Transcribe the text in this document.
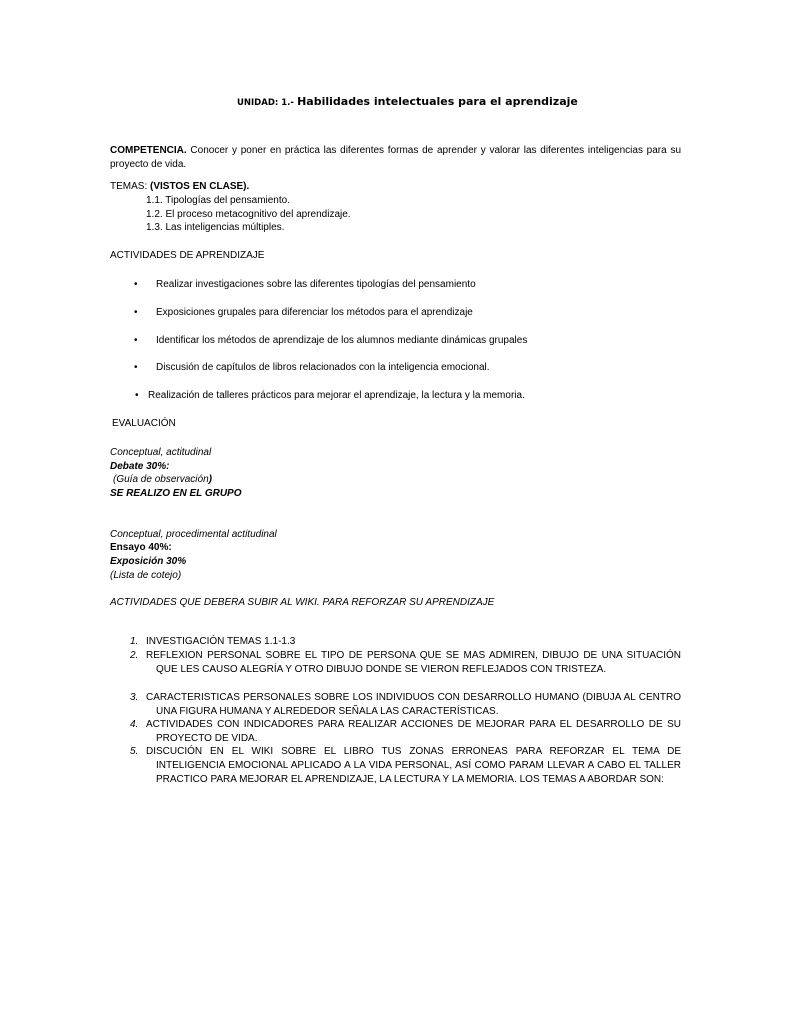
UNIDAD: 1.- Habilidades intelectuales para el aprendizaje
COMPETENCIA. Conocer y poner en práctica las diferentes formas de aprender y valorar las diferentes inteligencias para su proyecto de vida.
TEMAS: (VISTOS EN CLASE).
1.1. Tipologías del pensamiento.
1.2. El proceso metacognitivo del aprendizaje.
1.3. Las inteligencias múltiples.
ACTIVIDADES DE APRENDIZAJE
• Realizar investigaciones sobre las diferentes tipologías del pensamiento
• Exposiciones grupales para diferenciar los métodos para el aprendizaje
• Identificar los métodos de aprendizaje de los alumnos mediante dinámicas grupales
• Discusión de capítulos de libros relacionados con la inteligencia emocional.
• Realización de talleres prácticos para mejorar el aprendizaje, la lectura y la memoria.
EVALUACIÓN
Conceptual, actitudinal
Debate 30%:
(Guía de observación)
SE REALIZO EN EL GRUPO
Conceptual, procedimental actitudinal
Ensayo 40%:
Exposición 30%
(Lista de cotejo)
ACTIVIDADES QUE DEBERA SUBIR AL WIKI. PARA REFORZAR SU APRENDIZAJE
1. INVESTIGACIÓN TEMAS 1.1-1.3
2. REFLEXION PERSONAL SOBRE EL TIPO DE PERSONA QUE SE MAS ADMIREN, DIBUJO DE UNA SITUACIÓN QUE LES CAUSO ALEGRÍA Y OTRO DIBUJO DONDE SE VIERON REFLEJADOS CON TRISTEZA.
3. CARACTERISTICAS PERSONALES SOBRE LOS INDIVIDUOS CON DESARROLLO HUMANO (DIBUJA AL CENTRO UNA FIGURA HUMANA Y ALREDEDOR SEÑALA LAS CARACTERÍSTICAS.
4. ACTIVIDADES CON INDICADORES PARA REALIZAR ACCIONES DE MEJORAR PARA EL DESARROLLO DE SU PROYECTO DE VIDA.
5. DISCUCIÓN EN EL WIKI SOBRE EL LIBRO TUS ZONAS ERRONEAS PARA REFORZAR EL TEMA DE INTELIGENCIA EMOCIONAL APLICADO A LA VIDA PERSONAL, ASÍ COMO PARAM LLEVAR A CABO EL TALLER PRACTICO PARA MEJORAR EL APRENDIZAJE, LA LECTURA Y LA MEMORIA. LOS TEMAS A ABORDAR SON:
